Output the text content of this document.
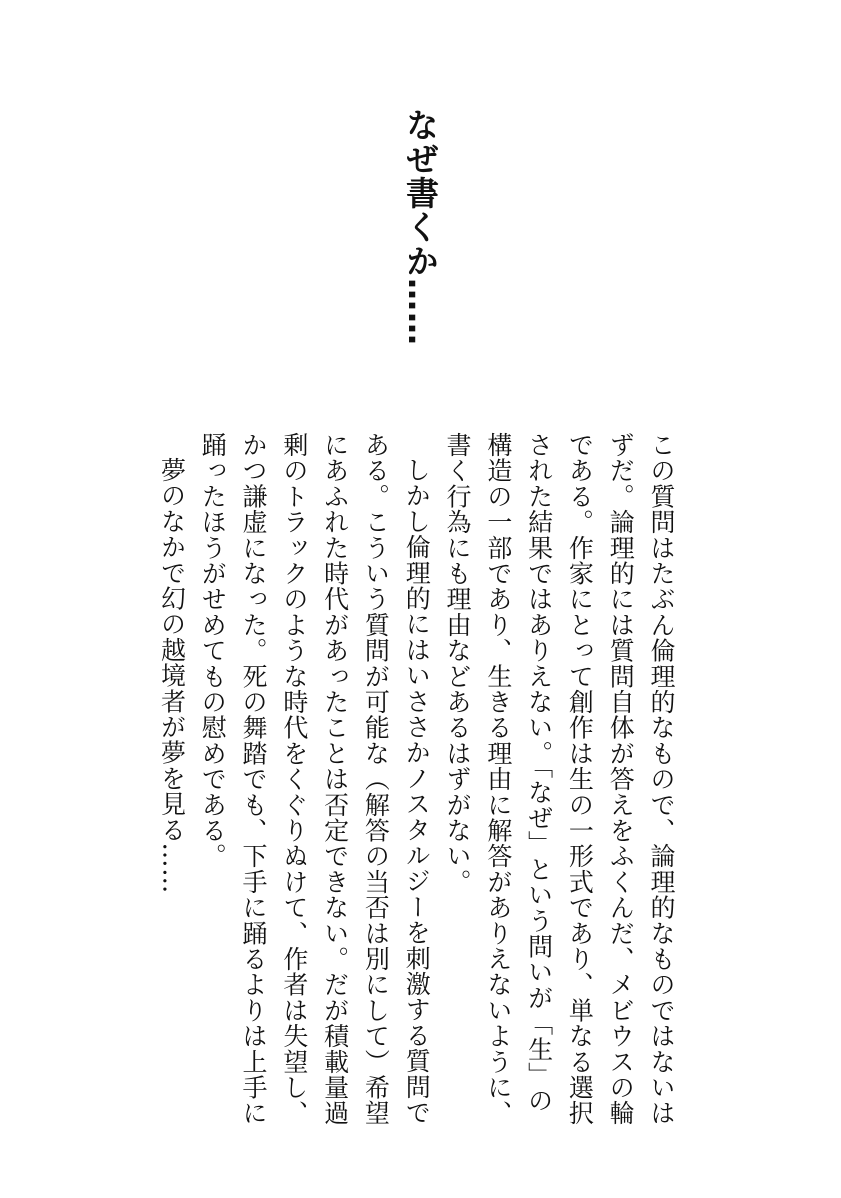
なぜ書くか……

この質問はたぶん倫理的なもので、論理的なものではないはずだ。論理的には質問自体が答えをふくんだ、メビウスの輪である。作家にとって創作は生の一形式であり、単なる選択された結果ではありえない。「なぜ」という問いが「生」の構造の一部であり、生きる理由に解答がありえないように、書く行為にも理由などあるはずがない。

しかし倫理的にはいささかノスタルジーを刺激する質問である。こういう質問が可能な（解答の当否は別にして）希望にあふれた時代があったことは否定できない。だが積載量過剰のトラックのような時代をくぐりぬけて、作者は失望し、かつ謙虚になった。死の舞踏でも、下手に踊るよりは上手に踊ったほうがせめてもの慰めである。

夢のなかで幻の越境者が夢を見る……
